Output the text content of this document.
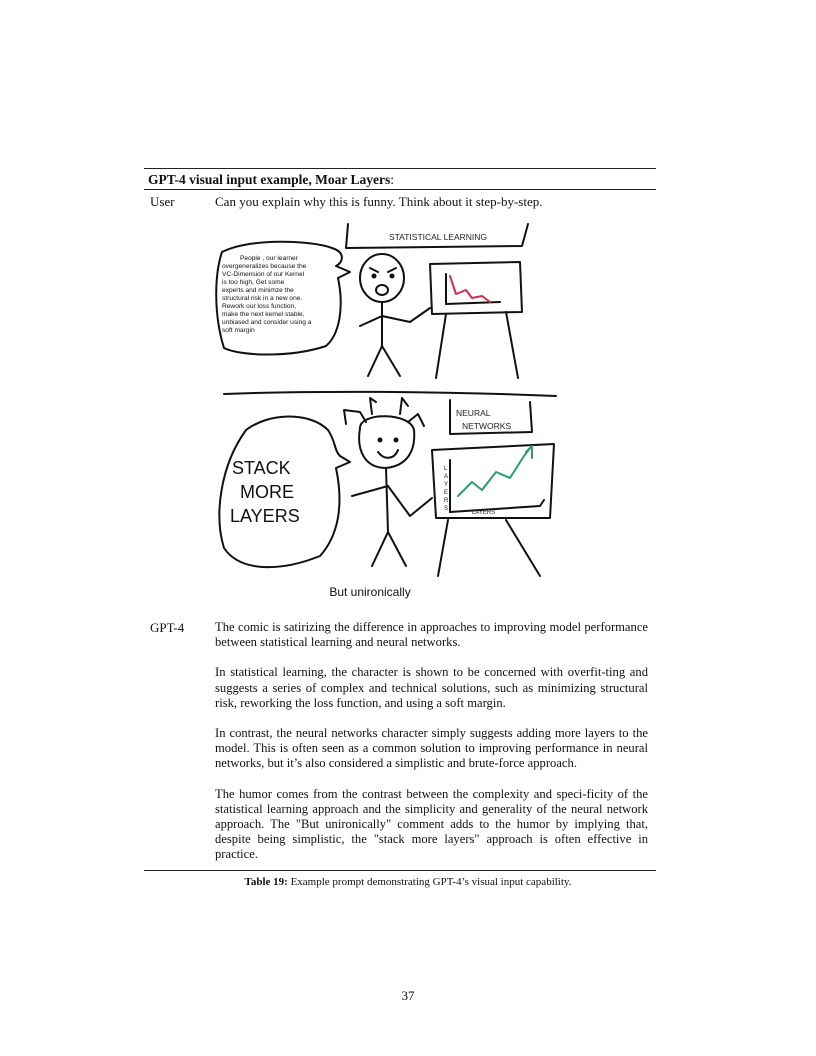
GPT-4 visual input example, Moar Layers:
User	Can you explain why this is funny. Think about it step-by-step.
STATISTICAL LEARNING
People , our learner
overgeneralizes because the
VC-Dimension of our Kernel
is too high, Get some
experts and minimze the
structural risk in a new one.
Rework our loss function,
make the next kernel stable,
unbiased and consider using a
soft margin
NEURAL
NETWORKS
STACK
MORE
LAYERS
L
A
Y
E
R
S
LAYERS
But unironically
GPT-4 The comic is satirizing the difference in approaches to improving model performance between statistical learning and neural networks.

In statistical learning, the character is shown to be concerned with overfit-ting and suggests a series of complex and technical solutions, such as minimizing structural risk, reworking the loss function, and using a soft margin.

In contrast, the neural networks character simply suggests adding more layers to the model. This is often seen as a common solution to improving performance in neural networks, but it’s also considered a simplistic and brute-force approach.

The humor comes from the contrast between the complexity and speci-ficity of the statistical learning approach and the simplicity and generality of the neural network approach. The "But unironically" comment adds to the humor by implying that, despite being simplistic, the "stack more layers" approach is often effective in practice.

Table 19: Example prompt demonstrating GPT-4’s visual input capability.
37
